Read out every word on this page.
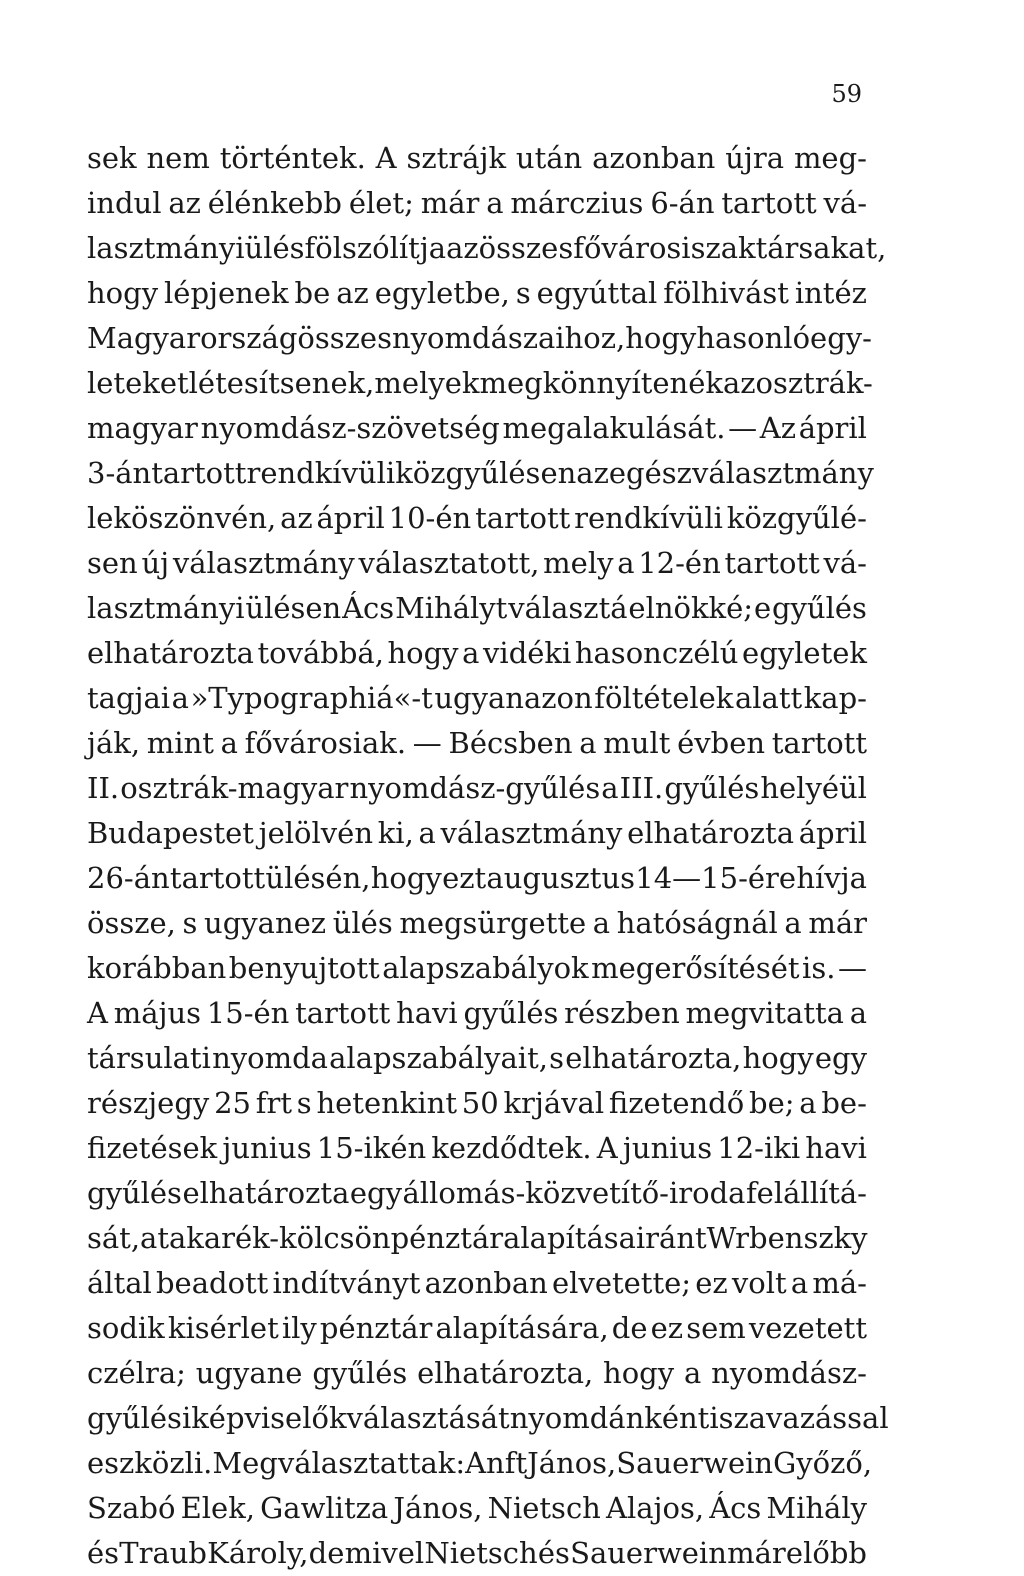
59
sek nem történtek. A sztrájk után azonban újra meg-
indul az élénkebb élet; már a márczius 6-án tartott vá-
lasztmányi ülés fölszólítja az összes fővárosi szaktársakat,
hogy lépjenek be az egyletbe, s egyúttal fölhivást intéz
Magyarország összes nyomdászaihoz, hogy hasonló egy-
leteket létesítsenek, melyek megkönnyítenék az osztrák-
magyar nyomdász-szövetség megalakulását. — Az ápril
3-án tartott rendkívüli közgyűlésen az egész választmány
leköszönvén, az ápril 10-én tartott rendkívüli közgyűlé-
sen új választmány választatott, mely a 12-én tartott vá-
lasztmányi ülésen Ács Mihályt választá elnökké; e gyűlés
elhatározta továbbá, hogy a vidéki hasonczélú egyletek
tagjai a »Typographiá«-t ugyanazon föltételek alatt kap-
ják, mint a fővárosiak. — Bécsben a mult évben tartott
II. osztrák-magyar nyomdász-gyűlés a III. gyűlés helyéül
Budapestet jelölvén ki, a választmány elhatározta ápril
26-án tartott ülésén, hogy ezt augusztus 14—15-ére hívja
össze, s ugyanez ülés megsürgette a hatóságnál a már
korábban benyujtott alapszabályok megerősítését is. —
A május 15-én tartott havi gyűlés részben megvitatta a
társulati nyomda alapszabályait, s elhatározta, hogy egy
részjegy 25 frt s hetenkint 50 krjával fizetendő be; a be-
fizetések junius 15-ikén kezdődtek. A junius 12-iki havi
gyűlés elhatározta egy állomás-közvetítő-iroda felállítá-
sát, a takarék-kölcsönpénztár alapítása iránt Wrbenszky
által beadott indítványt azonban elvetette; ez volt a má-
sodik kisérlet ily pénztár alapítására, de ez sem vezetett
czélra; ugyane gyűlés elhatározta, hogy a nyomdász-
gyűlési képviselők választását nyomdánkénti szavazással
eszközli. Megválasztattak: Anft János, Sauerwein Győző,
Szabó Elek, Gawlitza János, Nietsch Alajos, Ács Mihály
és Traub Károly, de mivel Nietsch és Sauerwein már előbb
